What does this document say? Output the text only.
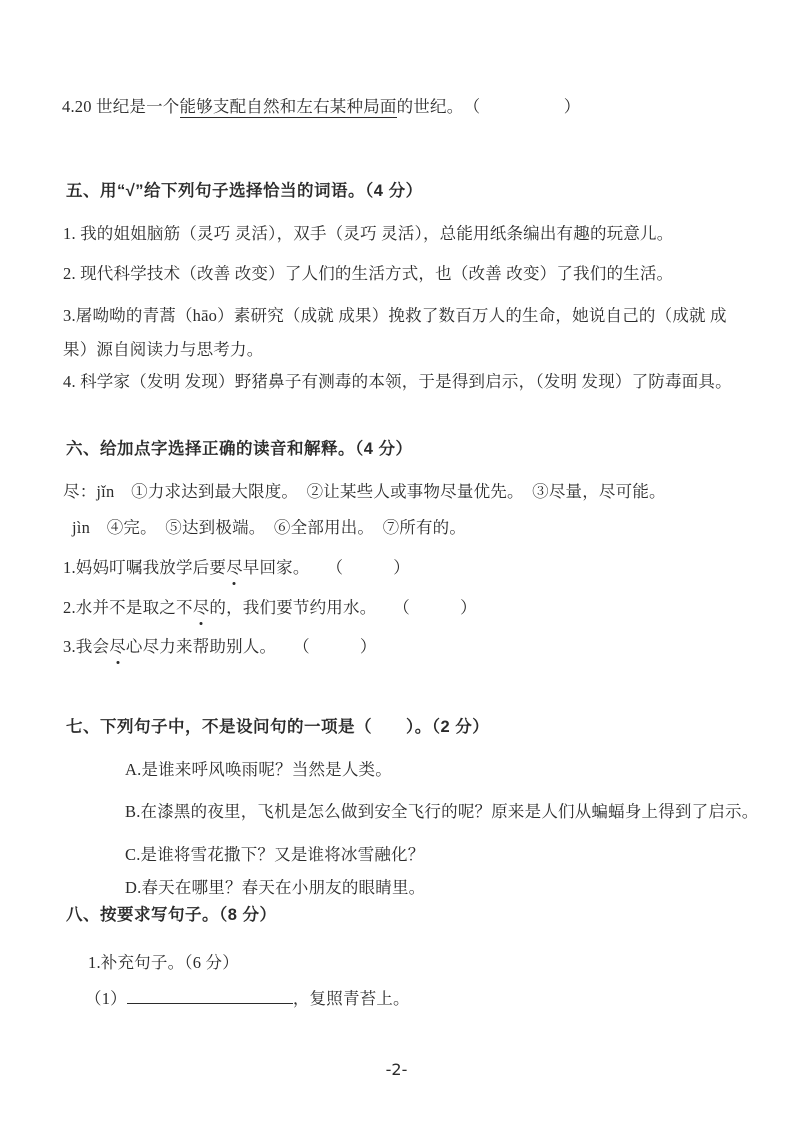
4.20 世纪是一个能够支配自然和左右某种局面的世纪。　（　　　　　）
五、用“√”给下列句子选择恰当的词语。（4 分）
1. 我的姐姐脑筋（灵巧 灵活），双手（灵巧 灵活），总能用纸条编出有趣的玩意儿。
2. 现代科学技术（改善 改变）了人们的生活方式，也（改善 改变）了我们的生活。
3.屠呦呦的青蒿（hāo）素研究（成就 成果）挽救了数百万人的生命，她说自己的（成就 成果）源自阅读力与思考力。
4. 科学家（发明 发现）野猪鼻子有测毒的本领，于是得到启示，（发明 发现）了防毒面具。
六、给加点字选择正确的读音和解释。（4 分）
尽：jǐn　①力求达到最大限度。　②让某些人或事物尽量优先。　③尽量，尽可能。
jìn　④完。　⑤达到极端。　⑥全部用出。　⑦所有的。
1.妈妈叮嘱我放学后要尽早回家。　　（　　　）
2.水并不是取之不尽的，我们要节约用水。　　（　　　）
3.我会尽心尽力来帮助别人。　　（　　　）
七、下列句子中，不是设问句的一项是（　　）。（2 分）
A.是谁来呼风唤雨呢？当然是人类。
B.在漆黑的夜里，飞机是怎么做到安全飞行的呢？原来是人们从蝙蝠身上得到了启示。
C.是谁将雪花撒下？又是谁将冰雪融化？
D.春天在哪里？春天在小朋友的眼睛里。
八、按要求写句子。（8 分）
1.补充句子。（6 分）
（1）	，复照青苔上。
-2-
